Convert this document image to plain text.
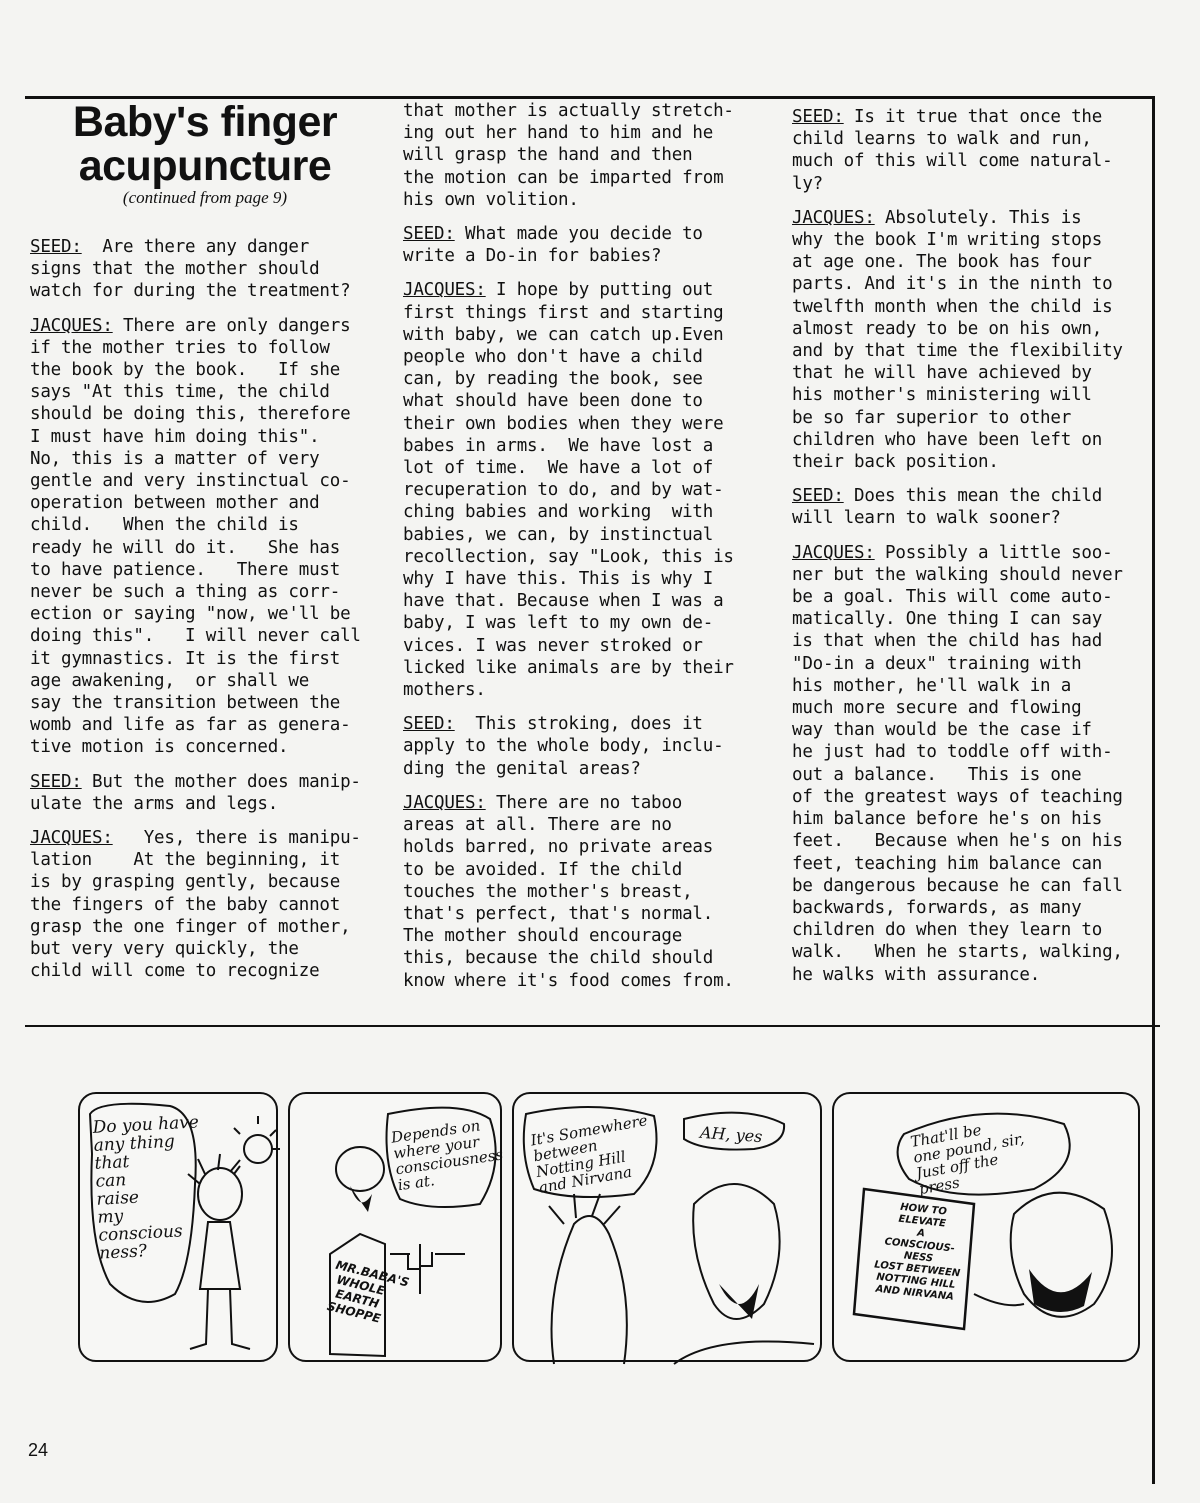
Baby's finger
acupuncture
(continued from page 9)
SEED:  Are there any danger
signs that the mother should
watch for during the treatment?
JACQUES: There are only dangers
if the mother tries to follow
the book by the book.   If she
says "At this time, the child
should be doing this, therefore
I must have him doing this".
No, this is a matter of very
gentle and very instinctual co-
operation between mother and
child.   When the child is
ready he will do it.   She has
to have patience.   There must
never be such a thing as corr-
ection or saying "now, we'll be
doing this".   I will never call
it gymnastics. It is the first
age awakening,  or shall we
say the transition between the
womb and life as far as genera-
tive motion is concerned.
SEED: But the mother does manip-
ulate the arms and legs.
JACQUES:   Yes, there is manipu-
lation    At the beginning, it
is by grasping gently, because
the fingers of the baby cannot
grasp the one finger of mother,
but very very quickly, the
child will come to recognize
that mother is actually stretch-
ing out her hand to him and he
will grasp the hand and then
the motion can be imparted from
his own volition.
SEED: What made you decide to
write a Do-in for babies?
JACQUES: I hope by putting out
first things first and starting
with baby, we can catch up.Even
people who don't have a child
can, by reading the book, see
what should have been done to
their own bodies when they were
babes in arms.  We have lost a
lot of time.  We have a lot of
recuperation to do, and by wat-
ching babies and working  with
babies, we can, by instinctual
recollection, say "Look, this is
why I have this. This is why I
have that. Because when I was a
baby, I was left to my own de-
vices. I was never stroked or
licked like animals are by their
mothers.
SEED:  This stroking, does it
apply to the whole body, inclu-
ding the genital areas?
JACQUES: There are no taboo
areas at all. There are no
holds barred, no private areas
to be avoided. If the child
touches the mother's breast,
that's perfect, that's normal.
The mother should encourage
this, because the child should
know where it's food comes from.
SEED: Is it true that once the
child learns to walk and run,
much of this will come natural-
ly?
JACQUES: Absolutely. This is
why the book I'm writing stops
at age one. The book has four
parts. And it's in the ninth to
twelfth month when the child is
almost ready to be on his own,
and by that time the flexibility
that he will have achieved by
his mother's ministering will
be so far superior to other
children who have been left on
their back position.
SEED: Does this mean the child
will learn to walk sooner?
JACQUES: Possibly a little soo-
ner but the walking should never
be a goal. This will come auto-
matically. One thing I can say
is that when the child has had
"Do-in a deux" training with
his mother, he'll walk in a
much more secure and flowing
way than would be the case if
he just had to toddle off with-
out a balance.   This is one
of the greatest ways of teaching
him balance before he's on his
feet.   Because when he's on his
feet, teaching him balance can
be dangerous because he can fall
backwards, forwards, as many
children do when they learn to
walk.   When he starts, walking,
he walks with assurance.
Do you have
any thing
that
can
raise
my
conscious
ness?
Depends on
where your
consciousness
is at.
MR.BABA'S
WHOLE
EARTH
SHOPPE
It's Somewhere
between
Notting Hill
and Nirvana
AH, yes	That'll be
one pound, sir,
Just off the
press
HOW TO
ELEVATE
A
CONSCIOUS-
NESS
LOST BETWEEN
NOTTING HILL
AND NIRVANA
24
